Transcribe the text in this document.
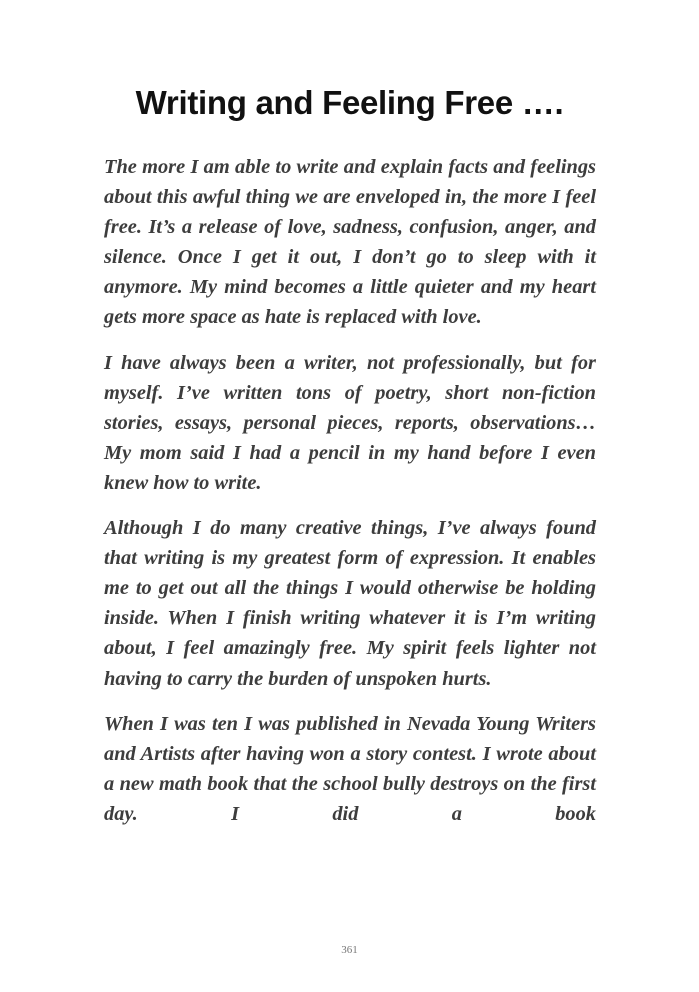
Writing and Feeling Free ….

The more I am able to write and explain facts and feelings about this awful thing we are enveloped in, the more I feel free. It’s a release of love, sadness, confusion, anger, and silence. Once I get it out, I don’t go to sleep with it anymore. My mind becomes a little quieter and my heart gets more space as hate is replaced with love.

I have always been a writer, not professionally, but for myself. I’ve written tons of poetry, short non-fiction stories, essays, personal pieces, reports, observations… My mom said I had a pencil in my hand before I even knew how to write.

Although I do many creative things, I’ve always found that writing is my greatest form of expression. It enables me to get out all the things I would otherwise be holding inside. When I finish writing whatever it is I’m writing about, I feel amazingly free. My spirit feels lighter not having to carry the burden of unspoken hurts.

When I was ten I was published in Nevada Young Writers and Artists after having won a story contest. I wrote about a new math book that the school bully destroys on the first day. I did a book

361
